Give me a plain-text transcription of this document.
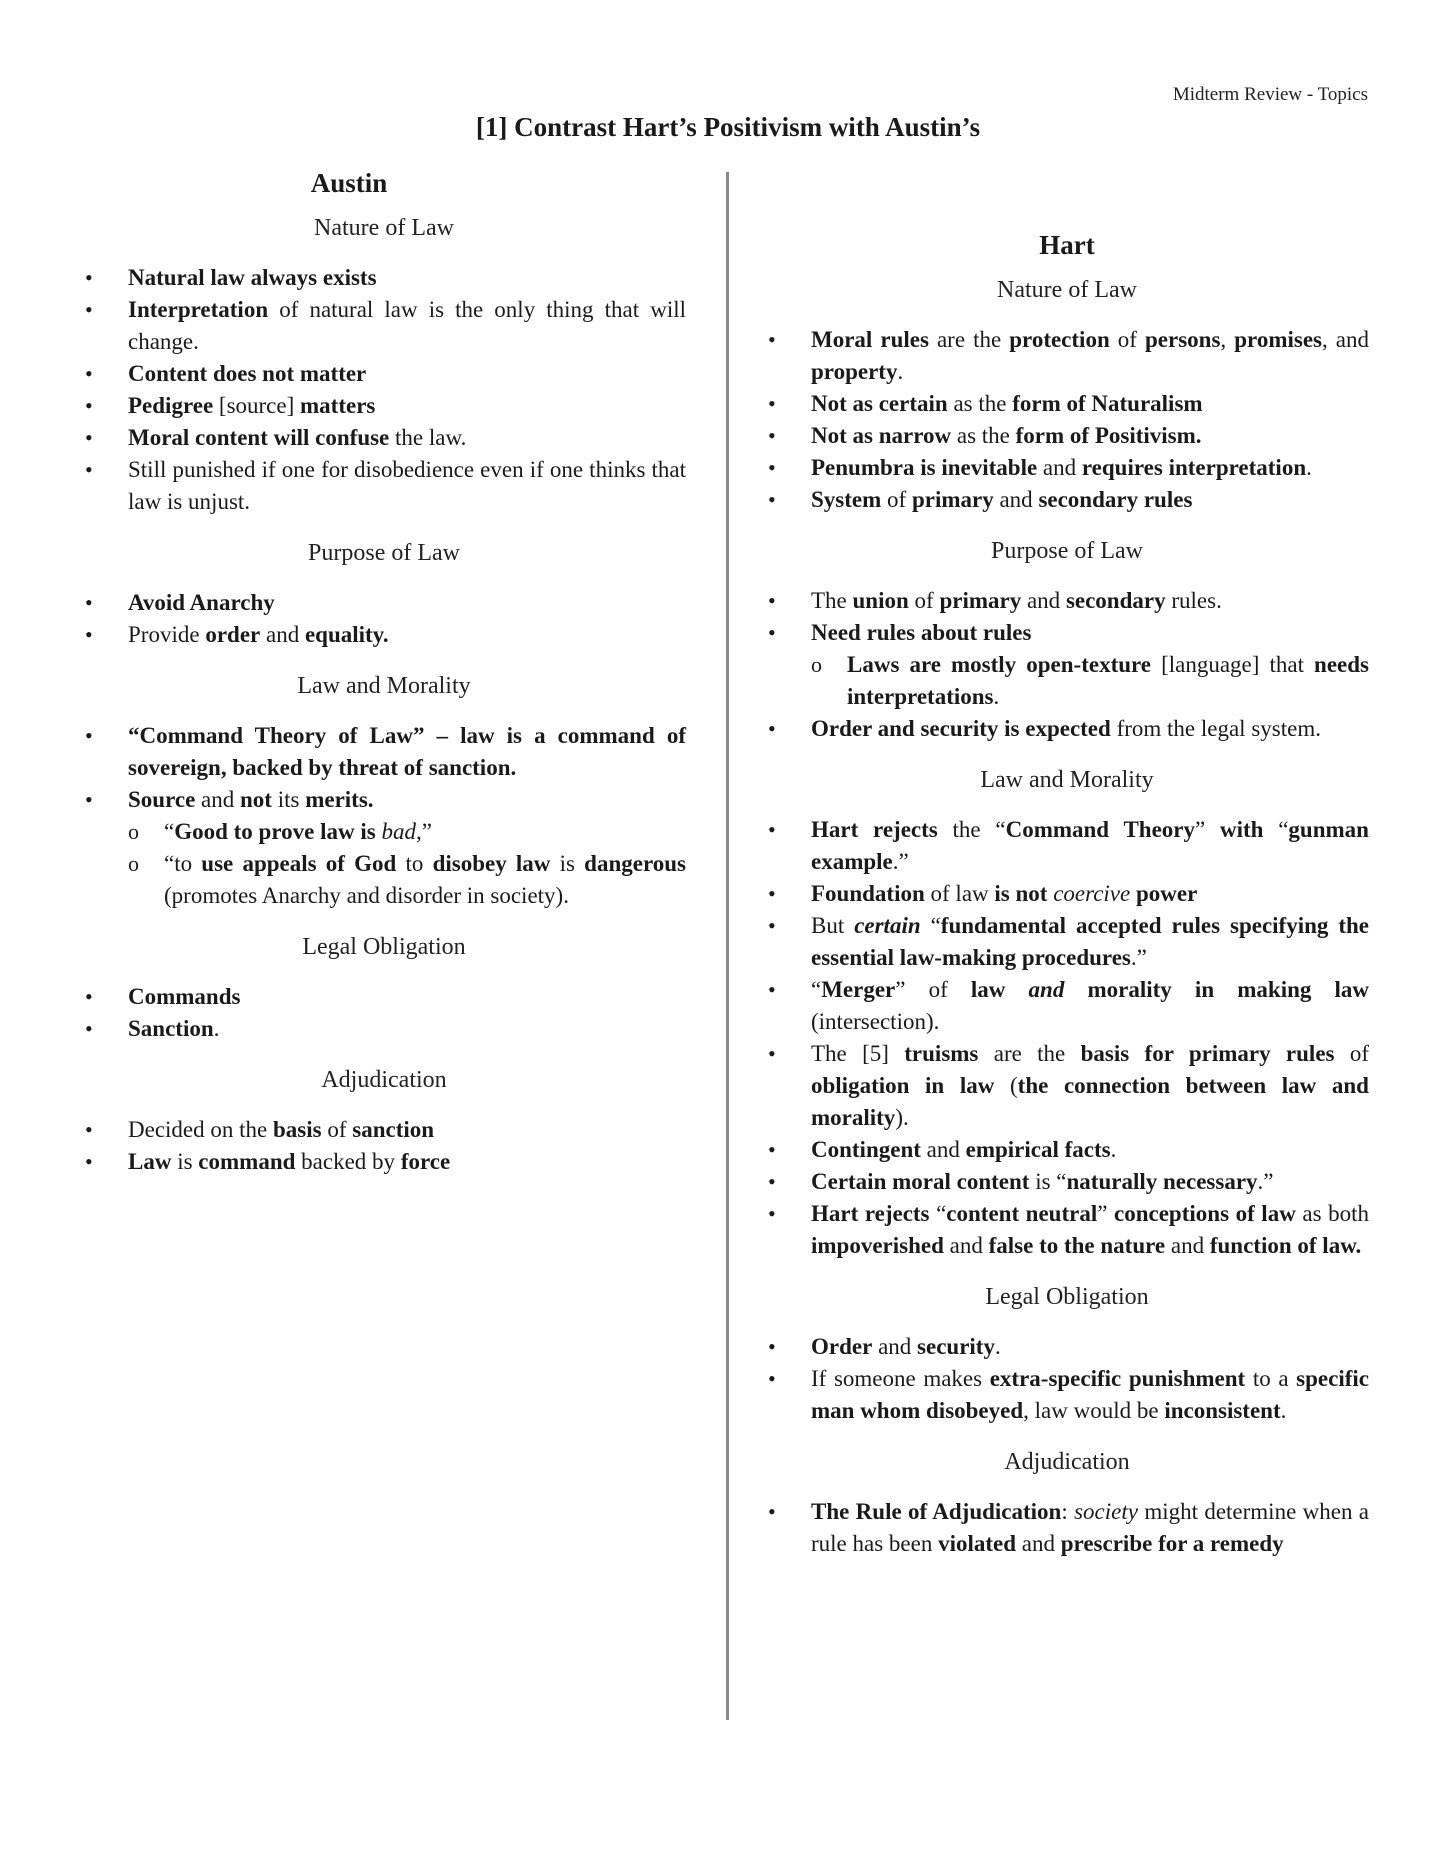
Midterm Review - Topics
[1] Contrast Hart’s Positivism with Austin’s
Austin
Nature of Law
• Natural law always exists
• Interpretation of natural law is the only thing that will change.
• Content does not matter
• Pedigree [source] matters
• Moral content will confuse the law.
• Still punished if one for disobedience even if one thinks that law is unjust.
Purpose of Law
• Avoid Anarchy
• Provide order and equality.
Law and Morality
• “Command Theory of Law” – law is a command of sovereign, backed by threat of sanction.
• Source and not its merits.
o “Good to prove law is bad,”
o “to use appeals of God to disobey law is dangerous (promotes Anarchy and disorder in society).
Legal Obligation
• Commands
• Sanction.
Adjudication
• Decided on the basis of sanction
• Law is command backed by force
Hart
Nature of Law
• Moral rules are the protection of persons, promises, and property.
• Not as certain as the form of Naturalism
• Not as narrow as the form of Positivism.
• Penumbra is inevitable and requires interpretation.
• System of primary and secondary rules
Purpose of Law
• The union of primary and secondary rules.
• Need rules about rules
o Laws are mostly open-texture [language] that needs interpretations.
• Order and security is expected from the legal system.
Law and Morality
• Hart rejects the “Command Theory” with “gunman example.”
• Foundation of law is not coercive power
• But certain “fundamental accepted rules specifying the essential law-making procedures.”
• “Merger” of law and morality in making law (intersection).
• The [5] truisms are the basis for primary rules of obligation in law (the connection between law and morality).
• Contingent and empirical facts.
• Certain moral content is “naturally necessary.”
• Hart rejects “content neutral” conceptions of law as both impoverished and false to the nature and function of law.
Legal Obligation
• Order and security.
• If someone makes extra-specific punishment to a specific man whom disobeyed, law would be inconsistent.
Adjudication
• The Rule of Adjudication: society might determine when a rule has been violated and prescribe for a remedy
